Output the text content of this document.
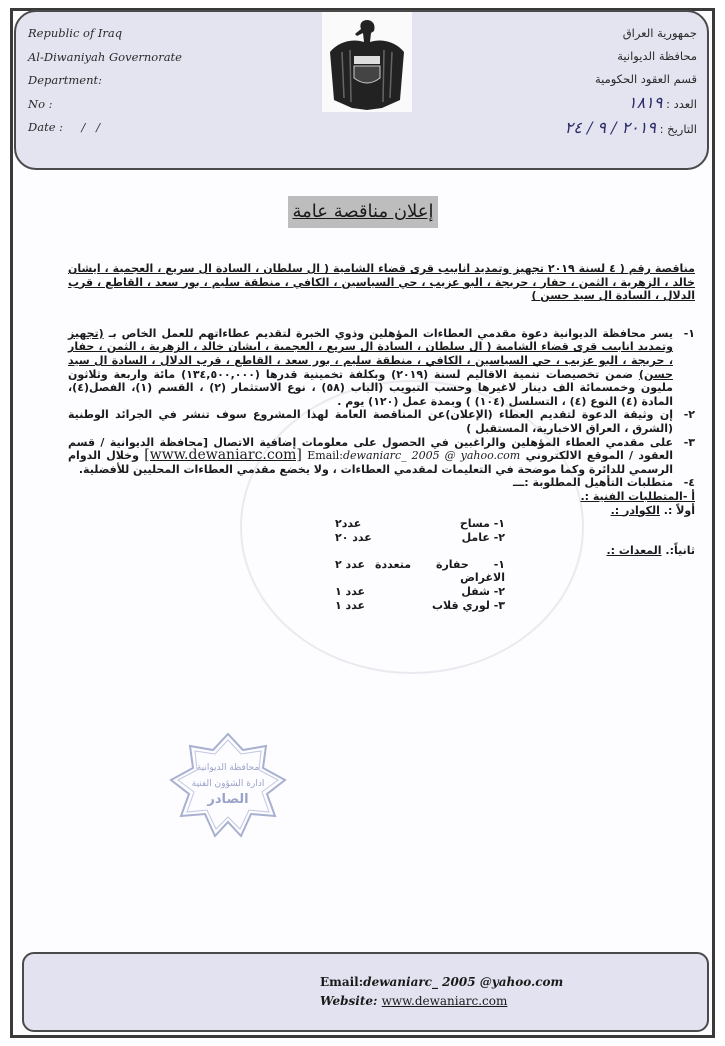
Republic of Iraq
Al-Diwaniyah Governorate
Department:
No :
Date : /   /
جمهورية العراق
محافظة الديوانية
قسم العقود الحكومية
العدد : ١٨١٩
التاريخ : ٢٠١٩ / ٩ / ٢٤
إعلان مناقصة عامة

مناقصة رقم ( ٤ لسنة ٢٠١٩ تجهيز وتمديد انابيب قرى قضاء الشامية ( ال سلطان ، السادة ال سريع ، العجمية ، ايشان خالد ، الزهرية ، الثمن ، حفار ، حريجة ، البو عزيب ، حي السياسين ، الكافي ، منطقة سليم ، بور سعد ، القاطع ، قرب الدلال ، السادة ال سيد حسن )

١-
يسر محافظة الديوانية دعوة مقدمي العطاءات المؤهلين وذوي الخبرة لتقديم عطاءاتهم للعمل الخاص بـ (تجهيز وتمديد انابيب قرى قضاء الشامية ( ال سلطان ، السادة ال سريع ، العجمية ، ايشان خالد ، الزهرية ، الثمن ، حفار ، حريجة ، البو عزيب ، حي السياسين ، الكافي ، منطقة سليم ، بور سعد ، القاطع ، قرب الدلال ، السادة ال سيد حسن) ضمن تخصيصات تنمية الاقاليم لسنة (٢٠١٩) وبكلفة تخمينية قدرها (١٣٤,٥٠٠,٠٠٠) مائة واربعة وثلاثون مليون وخمسمائة الف دينار لاغيرها وحسب التبويب (الباب (٥٨) ، نوع الاستثمار (٢) ، القسم (١)، الفصل(٤)، المادة (٤) النوع (٤) ، التسلسل (١٠٤) ) وبمدة عمل (١٢٠) يوم .
٢-
إن وثيقة الدعوة لتقديم العطاء (الإعلان)عن المناقصة العامة لهذا المشروع سوف تنشر في الجرائد الوطنية (الشرق ، العراق الاخبارية، المستقبل )
٣-
على مقدمي العطاء المؤهلين والراغبين في الحصول على معلومات إضافية الاتصال [محافظة الديوانية / قسم العقود / الموقع الالكتروني [www.dewaniarc.com] Email:dewaniarc_ 2005 @ yahoo.com وخلال الدوام الرسمي للدائرة وكما موضحة في التعليمات لمقدمي العطاءات ، ولا يخضع مقدمي العطاءات المحليين للأفضلية.
٤-
متطلبات التأهيل المطلوبة :ـــ

أ -المتطلبات الفنية :.

أولاً :. الكوادر :.

١- مساح
عدد٢
٢- عامل
عدد ٢٠

ثانياً:. المعدات :.

١- حفارة متعددة الاغراض
عدد ٢
٢- شفل
عدد ١
٣- لوري قلاب
عدد ١
محافظة الديوانية
ادارة الشؤون الفنية
الصادر
Email:dewaniarc_ 2005 @yahoo.com
Website: www.dewaniarc.com
